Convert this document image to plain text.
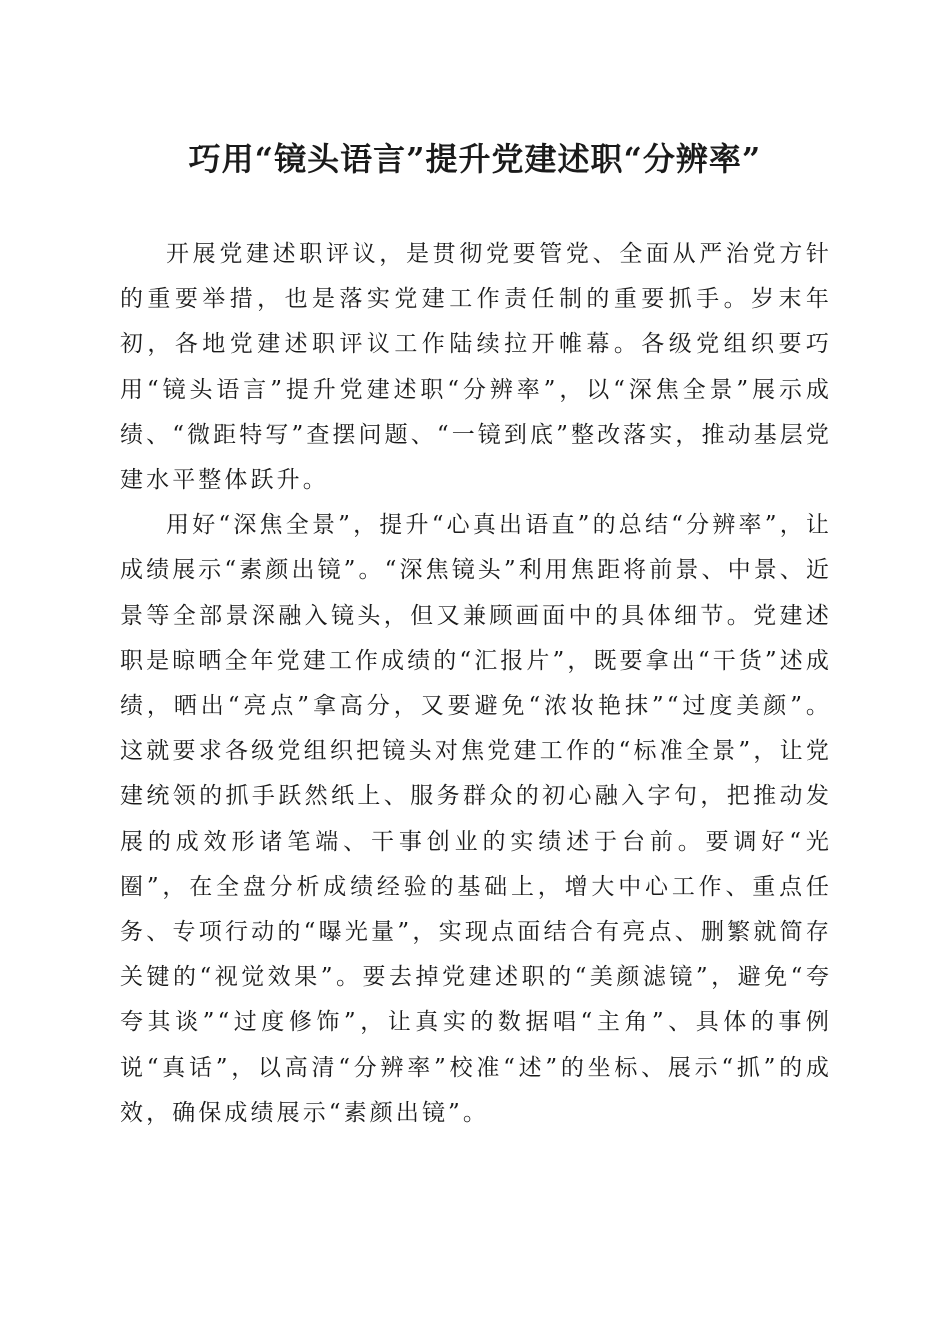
巧用“镜头语言”提升党建述职“分辨率”

开展党建述职评议，是贯彻党要管党、全面从严治党方针的重要举措，也是落实党建工作责任制的重要抓手。岁末年初，各地党建述职评议工作陆续拉开帷幕。各级党组织要巧用“镜头语言”提升党建述职“分辨率”，以“深焦全景”展示成绩、“微距特写”查摆问题、“一镜到底”整改落实，推动基层党建水平整体跃升。

用好“深焦全景”，提升“心真出语直”的总结“分辨率”，让成绩展示“素颜出镜”。“深焦镜头”利用焦距将前景、中景、近景等全部景深融入镜头，但又兼顾画面中的具体细节。党建述职是晾晒全年党建工作成绩的“汇报片”，既要拿出“干货”述成绩，晒出“亮点”拿高分，又要避免“浓妆艳抹”“过度美颜”。这就要求各级党组织把镜头对焦党建工作的“标准全景”，让党建统领的抓手跃然纸上、服务群众的初心融入字句，把推动发展的成效形诸笔端、干事创业的实绩述于台前。要调好“光圈”，在全盘分析成绩经验的基础上，增大中心工作、重点任务、专项行动的“曝光量”，实现点面结合有亮点、删繁就简存关键的“视觉效果”。要去掉党建述职的“美颜滤镜”，避免“夸夸其谈”“过度修饰”，让真实的数据唱“主角”、具体的事例说“真话”，以高清“分辨率”校准“述”的坐标、展示“抓”的成效，确保成绩展示“素颜出镜”。
